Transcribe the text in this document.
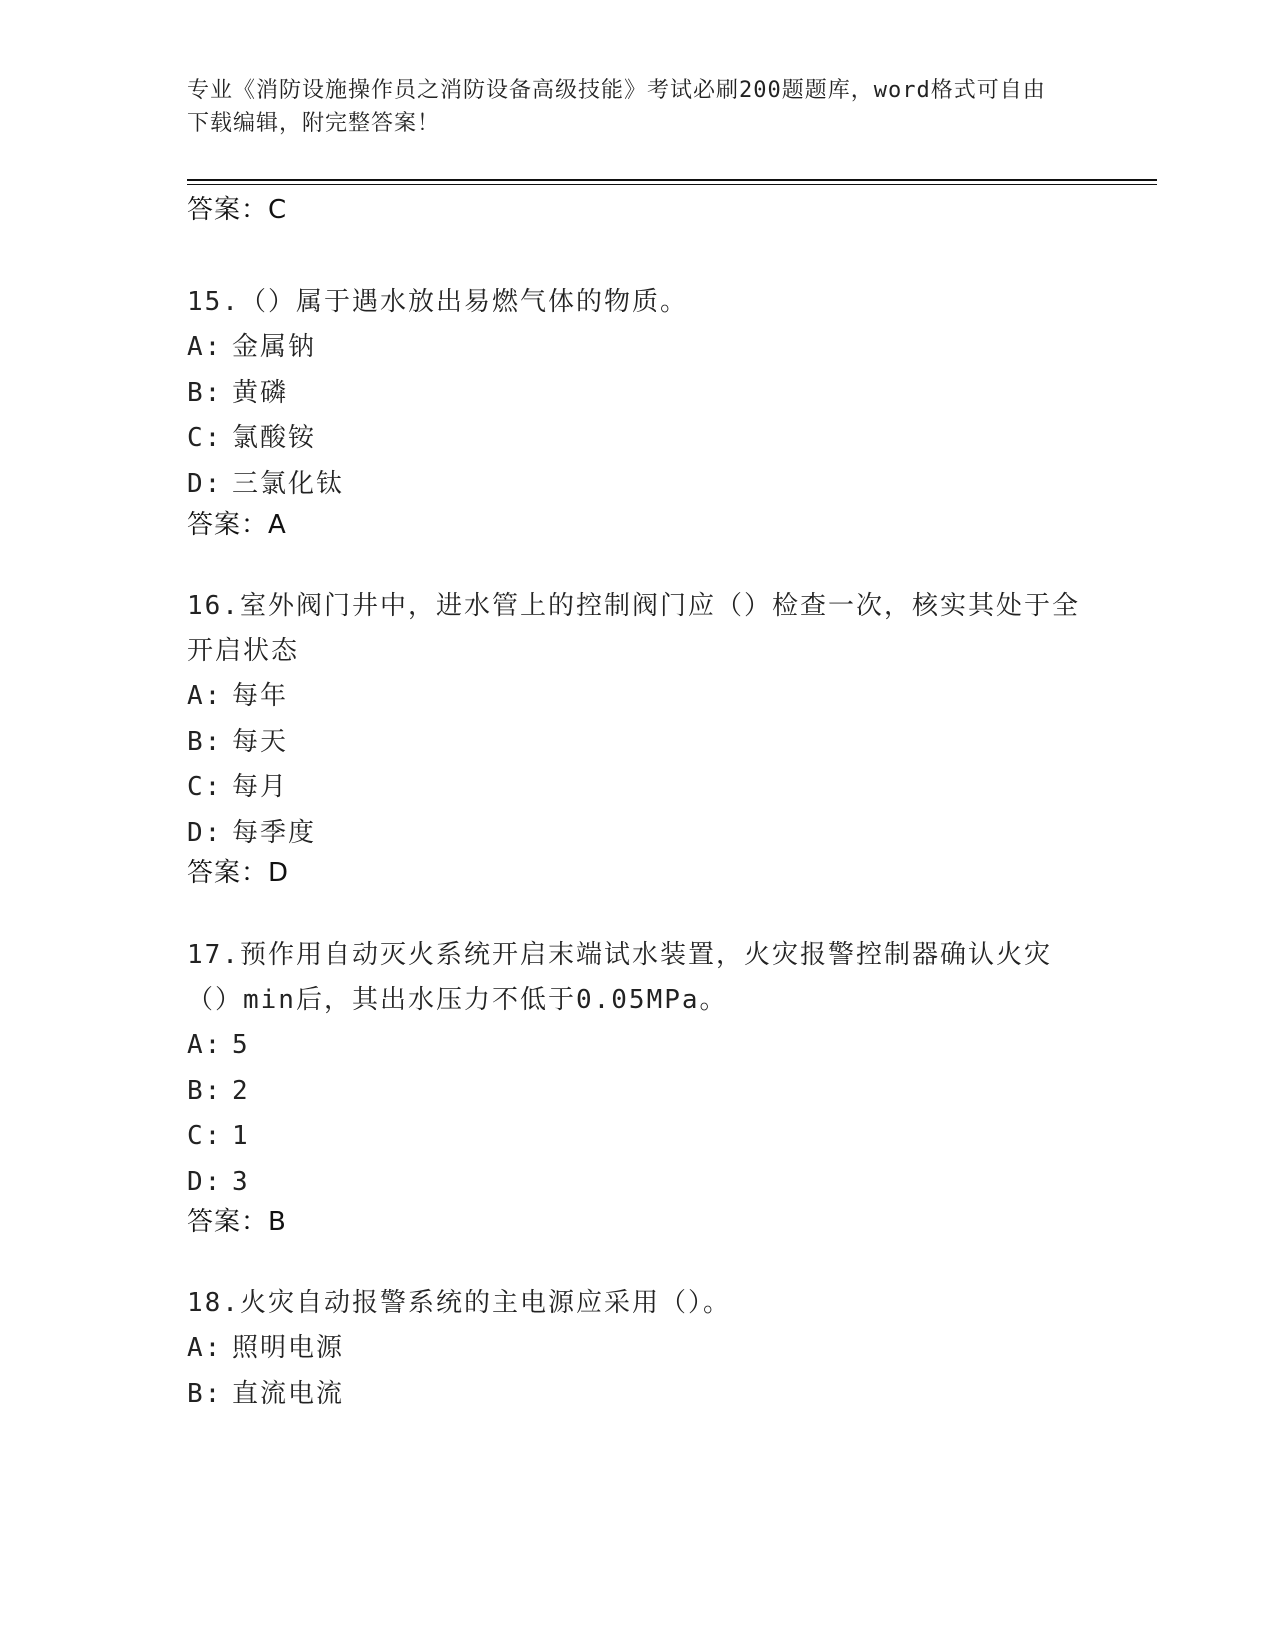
专业《消防设施操作员之消防设备高级技能》考试必刷200题题库，word格式可自由下载编辑，附完整答案！
答案：C
15.（）属于遇水放出易燃气体的物质。
A: 金属钠
B: 黄磷
C: 氯酸铵
D: 三氯化钛
答案：A
16.室外阀门井中，进水管上的控制阀门应（）检查一次，核实其处于全开启状态
A: 每年
B: 每天
C: 每月
D: 每季度
答案：D
17.预作用自动灭火系统开启末端试水装置，火灾报警控制器确认火灾（）min后，其出水压力不低于0.05MPa。
A: 5
B: 2
C: 1
D: 3
答案：B
18.火灾自动报警系统的主电源应采用（）。
A: 照明电源
B: 直流电流
